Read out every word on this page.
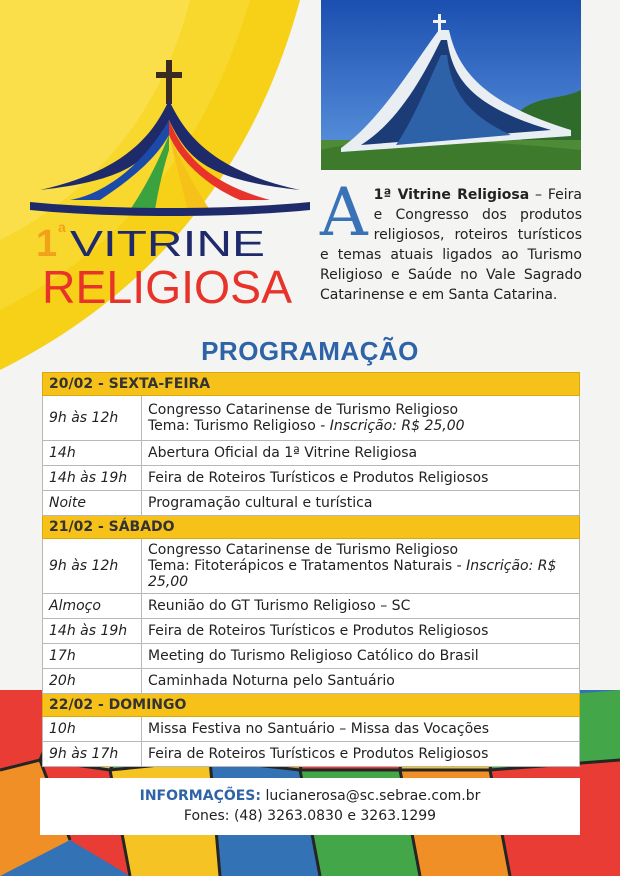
1 a VITRINE
RELIGIOSA
A 1ª Vitrine Religiosa – Feira e Congresso dos produtos religiosos, roteiros turísticos e temas atuais ligados ao Turismo Religioso e Saúde no Vale Sagrado Catarinense e em Santa Catarina.
PROGRAMAÇÃO
20/02 - SEXTA-FEIRA	
9h às 12h	Congresso Catarinense de Turismo Religioso
Tema: Turismo Religioso - Inscrição: R$ 25,00

14h	Abertura Oficial da 1ª Vitrine Religiosa
14h às 19h	Feira de Roteiros Turísticos e Produtos Religiosos
Noite	Programação cultural e turística
21/02 - SÁBADO	
9h às 12h	Congresso Catarinense de Turismo Religioso
Tema: Fitoterápicos e Tratamentos Naturais - Inscrição: R$ 25,00

Almoço	Reunião do GT Turismo Religioso – SC
14h às 19h	Feira de Roteiros Turísticos e Produtos Religiosos
17h	Meeting do Turismo Religioso Católico do Brasil
20h	Caminhada Noturna pelo Santuário
22/02 - DOMINGO	
10h	Missa Festiva no Santuário – Missa das Vocações
9h às 17h	Feira de Roteiros Turísticos e Produtos Religiosos
INFORMAÇÕES: lucianerosa@sc.sebrae.com.br
Fones: (48) 3263.0830 e 3263.1299
